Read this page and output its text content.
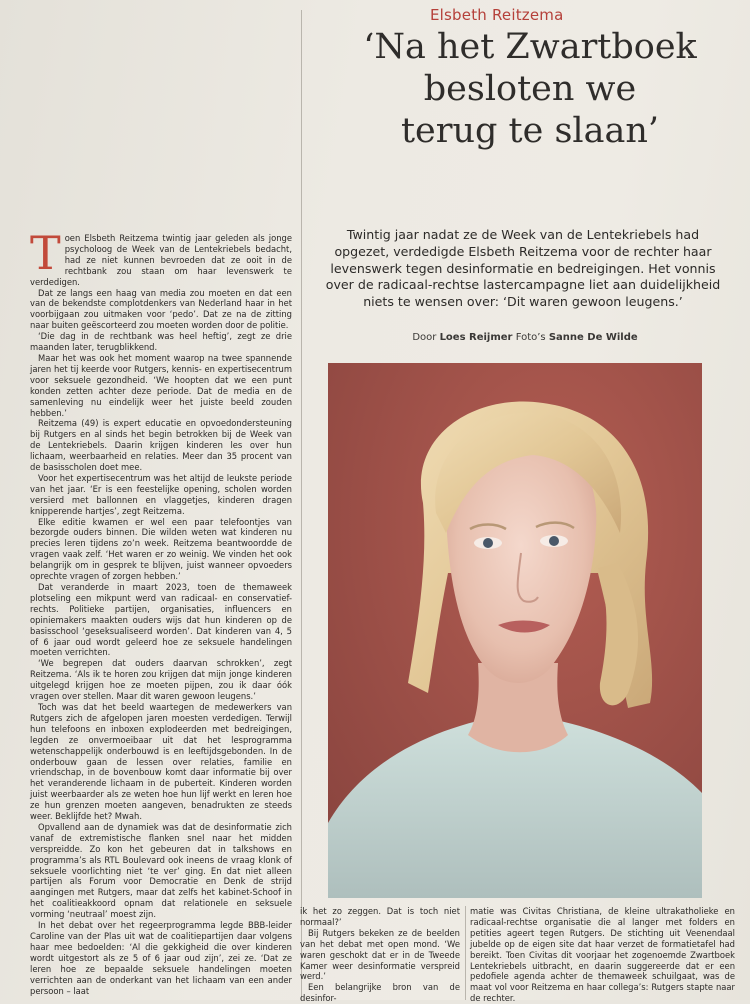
Elsbeth Reitzema
‘Na het Zwartboek
besloten we
terug te slaan’
Twintig jaar nadat ze de Week van de Lentekriebels had opgezet, verdedigde Elsbeth Reitzema voor de rechter haar levenswerk tegen desinformatie en bedreigingen. Het vonnis over de radicaal-rechtse lastercampagne liet aan duidelijkheid niets te wensen over: ‘Dit waren gewoon leugens.’
Door Loes Reijmer Foto’s Sanne De Wilde

Toen Elsbeth Reitzema twintig jaar geleden als jonge psycholoog de Week van de Lentekriebels bedacht, had ze niet kunnen bevroeden dat ze ooit in de rechtbank zou staan om haar levenswerk te verdedigen.

Dat ze langs een haag van media zou moeten en dat een van de bekendste complotdenkers van Nederland haar in het voorbijgaan zou uitmaken voor ‘pedo’. Dat ze na de zitting naar buiten geëscorteerd zou moeten worden door de politie.

‘Die dag in de rechtbank was heel heftig’, zegt ze drie maanden later, terugblikkend.

Maar het was ook het moment waarop na twee spannende jaren het tij keerde voor Rutgers, kennis- en expertisecentrum voor seksuele gezondheid. ‘We hoopten dat we een punt konden zetten achter deze periode. Dat de media en de samenleving nu eindelijk weer het juiste beeld zouden hebben.’

Reitzema (49) is expert educatie en opvoedondersteuning bij Rutgers en al sinds het begin betrokken bij de Week van de Lentekriebels. Daarin krijgen kinderen les over hun lichaam, weerbaarheid en relaties. Meer dan 35 procent van de basisscholen doet mee.

Voor het expertisecentrum was het altijd de leukste periode van het jaar. ‘Er is een feestelijke opening, scholen worden versierd met ballonnen en vlaggetjes, kinderen dragen knipperende hartjes’, zegt Reitzema.

Elke editie kwamen er wel een paar telefoontjes van bezorgde ouders binnen. Die wilden weten wat kinderen nu precies leren tijdens zo’n week. Reitzema beantwoordde de vragen vaak zelf. ‘Het waren er zo weinig. We vinden het ook belangrijk om in gesprek te blijven, juist wanneer opvoeders oprechte vragen of zorgen hebben.’

Dat veranderde in maart 2023, toen de themaweek plotseling een mikpunt werd van radicaal- en conservatief-rechts. Politieke partijen, organisaties, influencers en opiniemakers maakten ouders wijs dat hun kinderen op de basisschool ‘geseksualiseerd worden’. Dat kinderen van 4, 5 of 6 jaar oud wordt geleerd hoe ze seksuele handelingen moeten verrichten.

‘We begrepen dat ouders daarvan schrokken’, zegt Reitzema. ‘Als ik te horen zou krijgen dat mijn jonge kinderen uitgelegd krijgen hoe ze moeten pijpen, zou ik daar óók vragen over stellen. Maar dit waren gewoon leugens.’

Toch was dat het beeld waartegen de medewerkers van Rutgers zich de afgelopen jaren moesten verdedigen. Terwijl hun telefoons en inboxen explodeerden met bedreigingen, legden ze onvermoeibaar uit dat het lesprogramma wetenschappelijk onderbouwd is en leeftijdsgebonden. In de onderbouw gaan de lessen over relaties, familie en vriendschap, in de bovenbouw komt daar informatie bij over het veranderende lichaam in de puberteit. Kinderen worden juist weerbaarder als ze weten hoe hun lijf werkt en leren hoe ze hun grenzen moeten aangeven, benadrukten ze steeds weer. Beklijfde het? Mwah.

Opvallend aan de dynamiek was dat de desinformatie zich vanaf de extremistische flanken snel naar het midden verspreidde. Zo kon het gebeuren dat in talkshows en programma’s als RTL Boulevard ook ineens de vraag klonk of seksuele voorlichting niet ‘te ver’ ging. En dat niet alleen partijen als Forum voor Democratie en Denk de strijd aangingen met Rutgers, maar dat zelfs het kabinet-Schoof in het coalitieakkoord opnam dat relationele en seksuele vorming ‘neutraal’ moest zijn.

In het debat over het regeerprogramma legde BBB-leider Caroline van der Plas uit wat de coalitiepartijen daar volgens haar mee bedoelden: ‘Al die gekkigheid die over kinderen wordt uitgestort als ze 5 of 6 jaar oud zijn’, zei ze. ‘Dat ze leren hoe ze bepaalde seksuele handelingen moeten verrichten aan de onderkant van het lichaam van een ander persoon – laat

ik het zo zeggen. Dat is toch niet normaal?’

Bij Rutgers bekeken ze de beelden van het debat met open mond. ‘We waren geschokt dat er in de Tweede Kamer weer desinformatie verspreid werd.’

Een belangrijke bron van de desinfor-

matie was Civitas Christiana, de kleine ultrakatholieke en radicaal-rechtse organisatie die al langer met folders en petities ageert tegen Rutgers. De stichting uit Veenendaal jubelde op de eigen site dat haar verzet de formatietafel had bereikt. Toen Civitas dit voorjaar het zogenoemde Zwartboek Lentekriebels uitbracht, en daarin suggereerde dat er een pedofiele agenda achter de themaweek schuilgaat, was de maat vol voor Reitzema en haar collega’s: Rutgers stapte naar de rechter.
